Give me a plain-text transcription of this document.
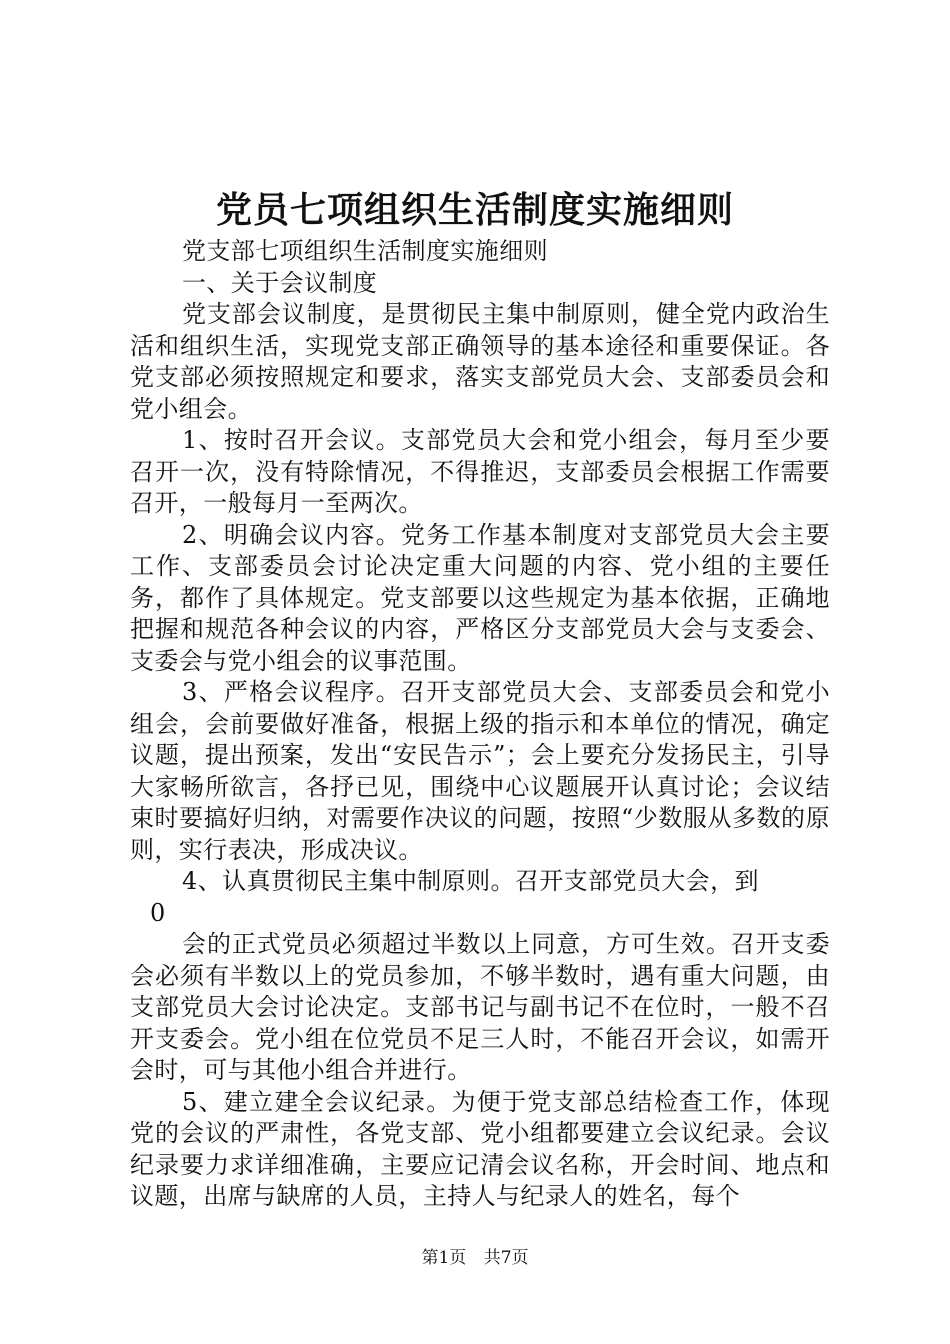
党员七项组织生活制度实施细则

党支部七项组织生活制度实施细则

一、关于会议制度

党支部会议制度，是贯彻民主集中制原则，健全党内政治生活和组织生活，实现党支部正确领导的基本途径和重要保证。各党支部必须按照规定和要求，落实支部党员大会、支部委员会和党小组会。

1、按时召开会议。支部党员大会和党小组会，每月至少要召开一次，没有特除情况，不得推迟，支部委员会根据工作需要召开，一般每月一至两次。

2、明确会议内容。党务工作基本制度对支部党员大会主要工作、支部委员会讨论决定重大问题的内容、党小组的主要任务，都作了具体规定。党支部要以这些规定为基本依据，正确地把握和规范各种会议的内容，严格区分支部党员大会与支委会、支委会与党小组会的议事范围。

3、严格会议程序。召开支部党员大会、支部委员会和党小组会，会前要做好准备，根据上级的指示和本单位的情况，确定议题，提出预案，发出“安民告示”；会上要充分发扬民主，引导大家畅所欲言，各抒已见，围绕中心议题展开认真讨论；会议结束时要搞好归纳，对需要作决议的问题，按照“少数服从多数的原则，实行表决，形成决议。

4、认真贯彻民主集中制原则。召开支部党员大会，到

0

会的正式党员必须超过半数以上同意，方可生效。召开支委会必须有半数以上的党员参加，不够半数时，遇有重大问题，由支部党员大会讨论决定。支部书记与副书记不在位时，一般不召开支委会。党小组在位党员不足三人时，不能召开会议，如需开会时，可与其他小组合并进行。

5、建立建全会议纪录。为便于党支部总结检查工作，体现党的会议的严肃性，各党支部、党小组都要建立会议纪录。会议纪录要力求详细准确，主要应记清会议名称，开会时间、地点和议题，出席与缺席的人员，主持人与纪录人的姓名，每个

第1页 共7页
